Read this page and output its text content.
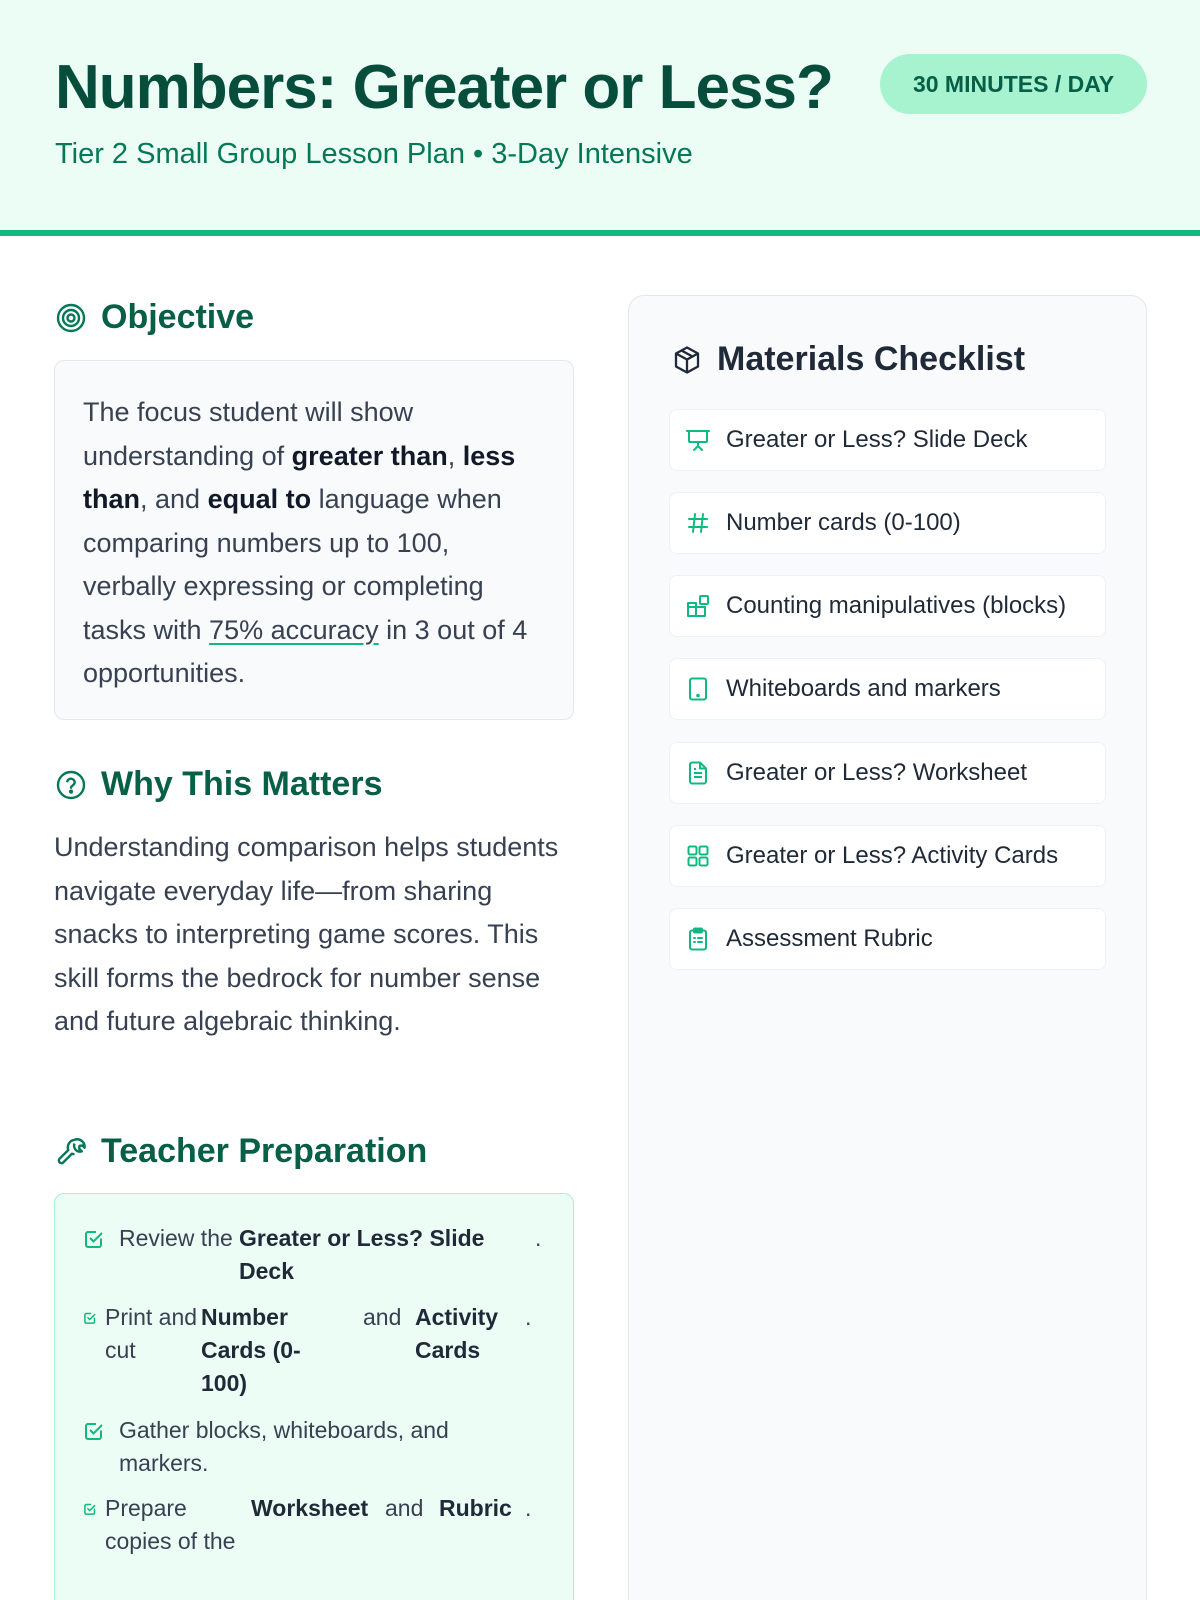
Numbers: Greater or Less?
Tier 2 Small Group Lesson Plan • 3-Day Intensive
30 MINUTES / DAY
Objective
The focus student will show understanding of greater than, less than, and equal to language when comparing numbers up to 100, verbally expressing or completing tasks with 75% accuracy in 3 out of 4 opportunities.
Why This Matters
Understanding comparison helps students navigate everyday life—from sharing snacks to interpreting game scores. This skill forms the bedrock for number sense and future algebraic thinking.
Teacher Preparation
Review the Greater or Less? Slide Deck
.
Print and cut
Number Cards (0-100)
and Activity Cards
.
Gather blocks, whiteboards, and markers.
Prepare copies of the
Worksheet and Rubric .
Materials Checklist
Greater or Less? Slide Deck
Number cards (0-100)
Counting manipulatives (blocks)
Whiteboards and markers
Greater or Less? Worksheet
Greater or Less? Activity Cards
Assessment Rubric
